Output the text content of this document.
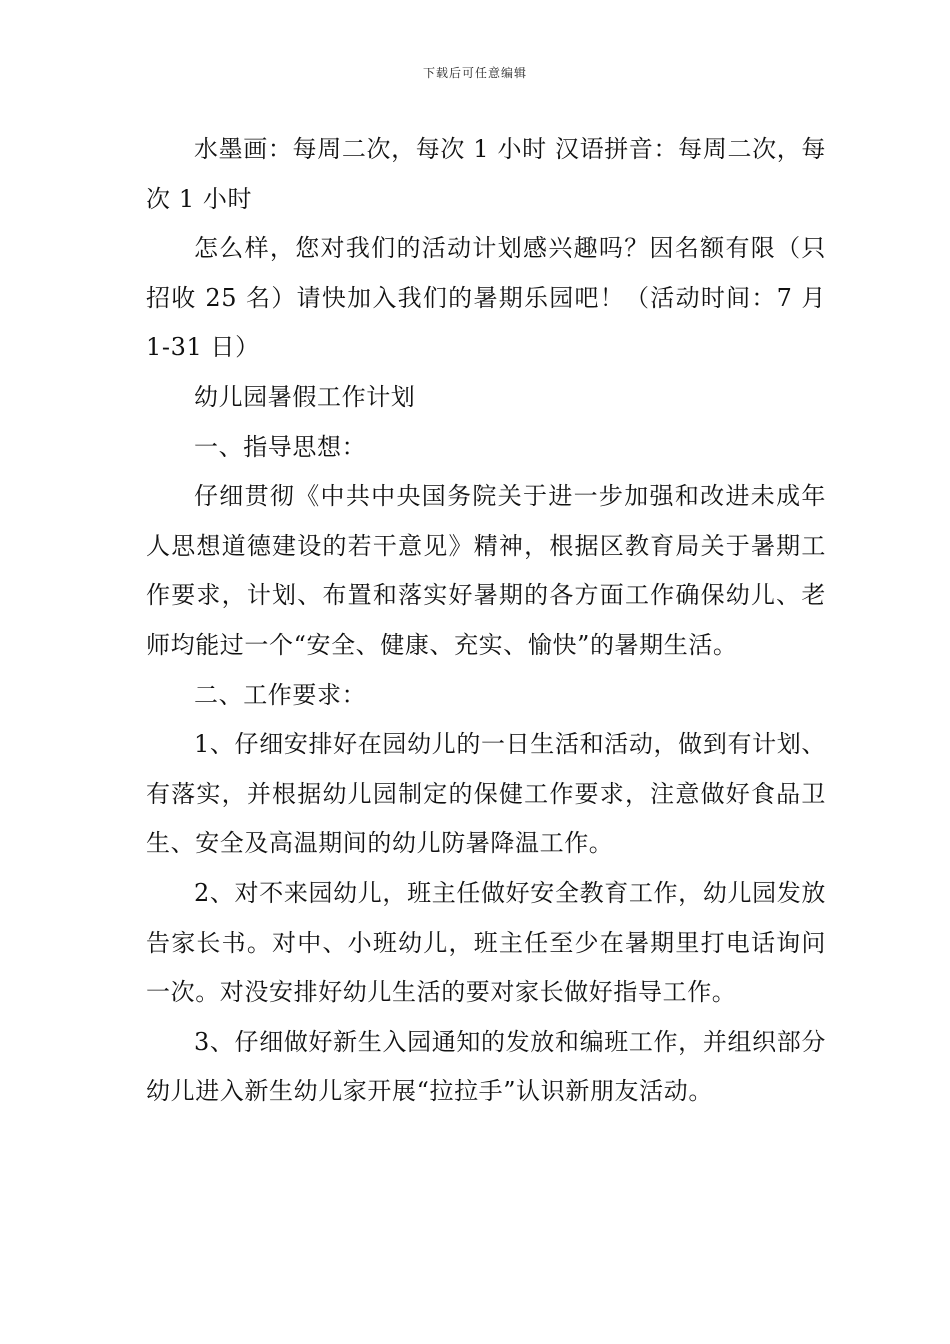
下载后可任意编辑

水墨画：每周二次，每次 1 小时 汉语拼音：每周二次，每次 1 小时

怎么样，您对我们的活动计划感兴趣吗？因名额有限（只招收 25 名）请快加入我们的暑期乐园吧！（活动时间：7 月 1-31 日）

幼儿园暑假工作计划

一、指导思想：

仔细贯彻《中共中央国务院关于进一步加强和改进未成年人思想道德建设的若干意见》精神，根据区教育局关于暑期工作要求，计划、布置和落实好暑期的各方面工作确保幼儿、老师均能过一个“安全、健康、充实、愉快”的暑期生活。

二、工作要求：

1、仔细安排好在园幼儿的一日生活和活动，做到有计划、有落实，并根据幼儿园制定的保健工作要求，注意做好食品卫生、安全及高温期间的幼儿防暑降温工作。

2、对不来园幼儿，班主任做好安全教育工作，幼儿园发放告家长书。对中、小班幼儿，班主任至少在暑期里打电话询问一次。对没安排好幼儿生活的要对家长做好指导工作。

3、仔细做好新生入园通知的发放和编班工作，并组织部分幼儿进入新生幼儿家开展“拉拉手”认识新朋友活动。
